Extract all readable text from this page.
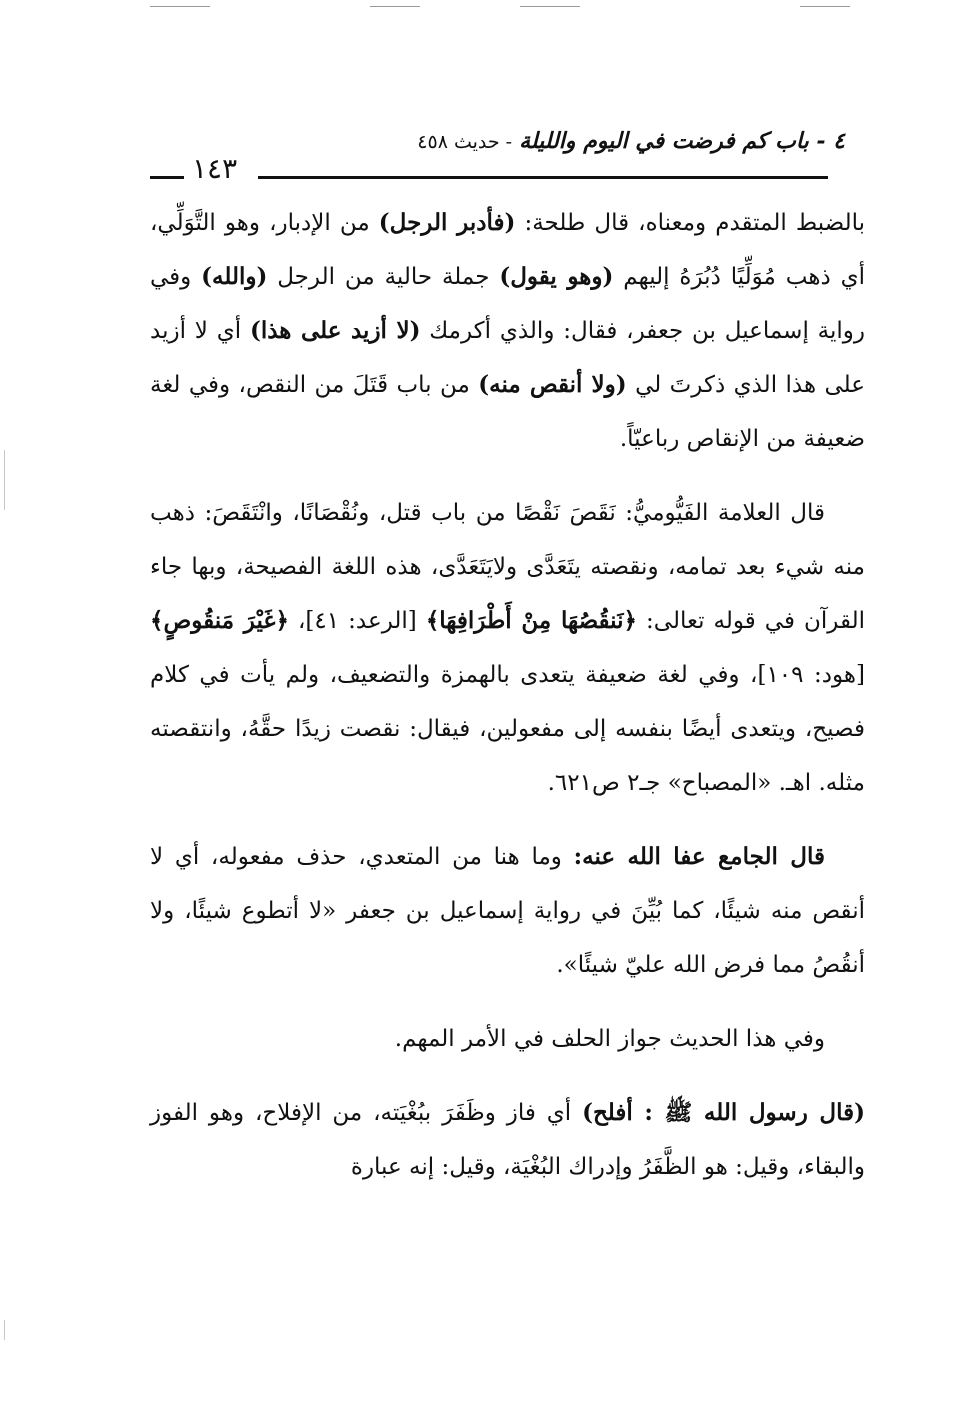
٤ - باب كم فرضت في اليوم والليلة - حديث ٤٥٨
١٤٣

بالضبط المتقدم ومعناه، قال طلحة: (فأدبر الرجل) من الإدبار، وهو التَّوَلِّي، أي ذهب مُوَلِّيًا دُبُرَهُ إليهم (وهو يقول) جملة حالية من الرجل (والله) وفي رواية إسماعيل بن جعفر، فقال: والذي أكرمك (لا أزيد على هذا) أي لا أزيد على هذا الذي ذكرتَ لي (ولا أنقص منه) من باب قَتَلَ من النقص، وفي لغة ضعيفة من الإنقاص رباعيّاً.

قال العلامة الفَيُّوميُّ: نَقَصَ نَقْصًا من باب قتل، ونُقْصَانًا، وانْتَقَصَ: ذهب منه شيء بعد تمامه، ونقصته يتَعَدَّى ولايَتَعَدَّى، هذه اللغة الفصيحة، وبها جاء القرآن في قوله تعالى: ﴿نَنقُصُهَا مِنْ أَطْرَافِهَا﴾ [الرعد: ٤١]، ﴿غَيْرَ مَنقُوصٍ﴾ [هود: ١٠٩]، وفي لغة ضعيفة يتعدى بالهمزة والتضعيف، ولم يأت في كلام فصيح، ويتعدى أيضًا بنفسه إلى مفعولين، فيقال: نقصت زيدًا حقَّهُ، وانتقصته مثله. اهـ. «المصباح» جـ٢ ص٦٢١.

قال الجامع عفا الله عنه: وما هنا من المتعدي، حذف مفعوله، أي لا أنقص منه شيئًا، كما بُيِّنَ في رواية إسماعيل بن جعفر «لا أتطوع شيئًا، ولا أنقُصُ مما فرض الله عليّ شيئًا».

وفي هذا الحديث جواز الحلف في الأمر المهم.

(قال رسول الله ﷺ : أفلح) أي فاز وظَفَرَ ببُغْيَته، من الإفلاح، وهو الفوز والبقاء، وقيل: هو الظَّفَرُ وإدراك البُغْيَة، وقيل: إنه عبارة
